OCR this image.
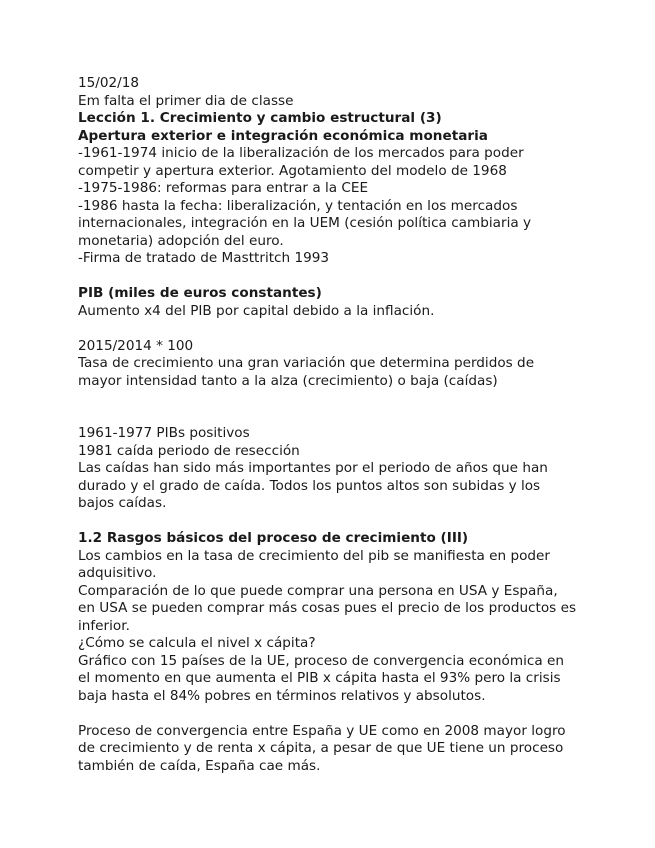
15/02/18

Em falta el primer dia de classe

Lección 1. Crecimiento y cambio estructural (3)

Apertura exterior e integración económica monetaria

-1961-1974 inicio de la liberalización de los mercados para poder competir y apertura exterior. Agotamiento del modelo de 1968

-1975-1986: reformas para entrar a la CEE

-1986 hasta la fecha: liberalización, y tentación en los mercados internacionales, integración en la UEM (cesión política cambiaria y monetaria) adopción del euro.

-Firma de tratado de Masttritch 1993

PIB (miles de euros constantes)

Aumento x4 del PIB por capital debido a la inflación.

2015/2014 * 100

Tasa de crecimiento una gran variación que determina perdidos de mayor intensidad tanto a la alza (crecimiento) o baja (caídas)

1961-1977 PIBs positivos

1981 caída periodo de resección

Las caídas han sido más importantes por el periodo de años que han durado y el grado de caída. Todos los puntos altos son subidas y los bajos caídas.

1.2 Rasgos básicos del proceso de crecimiento (III)

Los cambios en la tasa de crecimiento del pib se manifiesta en poder adquisitivo.

Comparación de lo que puede comprar una persona en USA y España, en USA se pueden comprar más cosas pues el precio de los productos es inferior.

¿Cómo se calcula el nivel x cápita?

Gráfico con 15 países de la UE, proceso de convergencia económica en el momento en que aumenta el PIB x cápita hasta el 93% pero la crisis baja hasta el 84% pobres en términos relativos y absolutos.

Proceso de convergencia entre España y UE como en 2008 mayor logro de crecimiento y de renta x cápita, a pesar de que UE tiene un proceso también de caída, España cae más.
